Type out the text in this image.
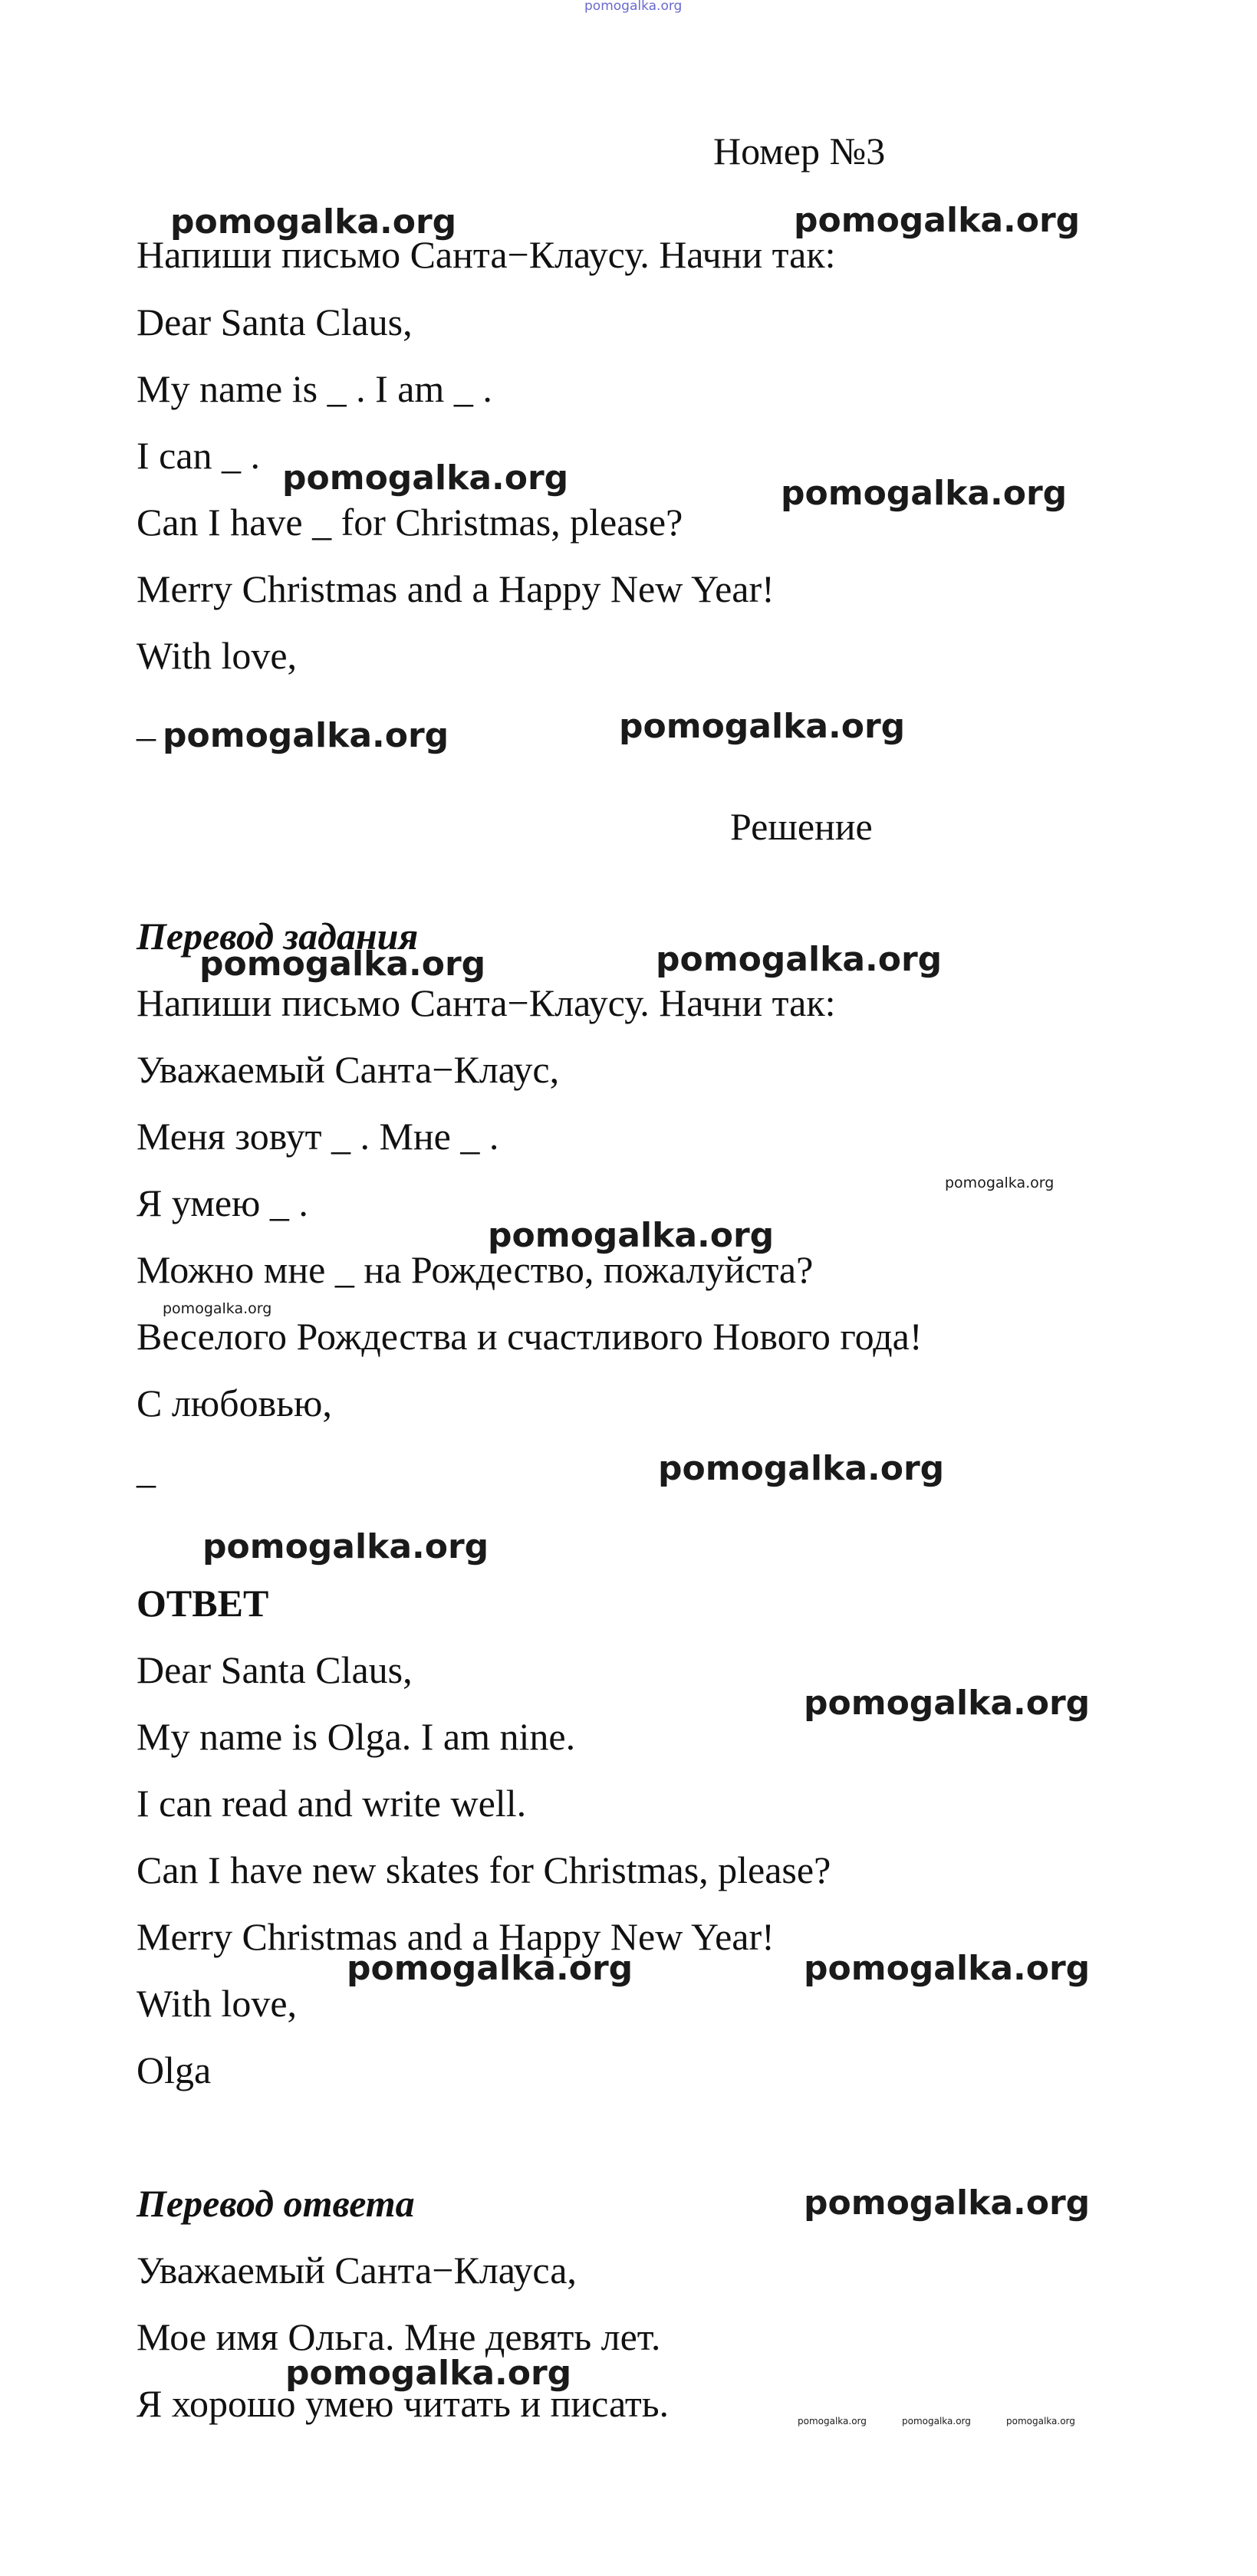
pomogalka.org
Номер №3
Напиши письмо Санта−Клаусу. Начни так:
Dear Santa Claus,
My name is _ . I am _ .
I can _ .
Can I have _ for Christmas, please?
Merry Christmas and a Happy New Year!
With love,
_
Решение
Перевод задания
Напиши письмо Санта−Клаусу. Начни так:
Уважаемый Санта−Клаус,
Меня зовут _ . Мне _ .
Я умею _ .
Можно мне _ на Рождество, пожалуйста?
Веселого Рождества и счастливого Нового года!
С любовью,
_
ОТВЕТ
Dear Santa Claus,
My name is Olga. I am nine.
I can read and write well.
Can I have new skates for Christmas, please?
Merry Christmas and a Happy New Year!
With love,
Olga
Перевод ответа
Уважаемый Санта−Клауса,
Мое имя Ольга. Мне девять лет.
Я хорошо умею читать и писать.
pomogalka.org	pomogalka.org
pomogalka.org	pomogalka.org
pomogalka.org	pomogalka.org
pomogalka.org	pomogalka.org
pomogalka.org
pomogalka.org
pomogalka.org
pomogalka.org
pomogalka.org
pomogalka.org
pomogalka.org	pomogalka.org
pomogalka.org
pomogalka.org
pomogalka.org	pomogalka.org	pomogalka.org
